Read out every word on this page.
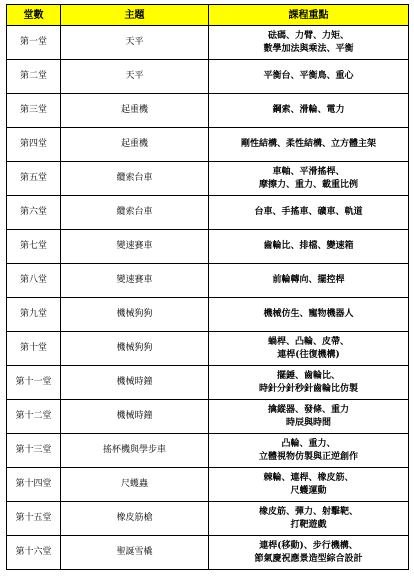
堂數	主題	課程重點
第一堂	天平	砝碼、力臂、力矩、
數學加法與乘法、平衡
第二堂	天平	平衡台、平衡鳥、重心
第三堂	起重機	鋼索、滑輪、電力
第四堂	起重機	剛性結構、柔性結構、立方體主架
第五堂	纜索台車	車軸、平滑搖桿、
摩擦力、重力、載重比例
第六堂	纜索台車	台車、手搖車、礦車、軌道
第七堂	變速賽車	齒輪比、排檔、變速箱
第八堂	變速賽車	前輪轉向、擺控桿
第九堂	機械狗狗	機械仿生、寵物機器人
第十堂	機械狗狗	蝸桿、凸輪、皮帶、
連桿(往復機構)
第十一堂	機械時鐘	擺錘、齒輪比、
時針分針秒針齒輪比仿製
第十二堂	機械時鐘	擒縱器、發條、重力
時辰與時間
第十三堂	搖杯機與學步車	凸輪、重力、
立體視物仿製與正逆創作
第十四堂	尺蠖蟲	棘輪、連桿、橡皮筋、
尺蠖運動
第十五堂	橡皮筋槍	橡皮筋、彈力、射擊靶、
打靶遊戲
第十六堂	聖誕雪橇	連桿(移動)、步行機構、
節氣慶祝應景造型綜合設計
